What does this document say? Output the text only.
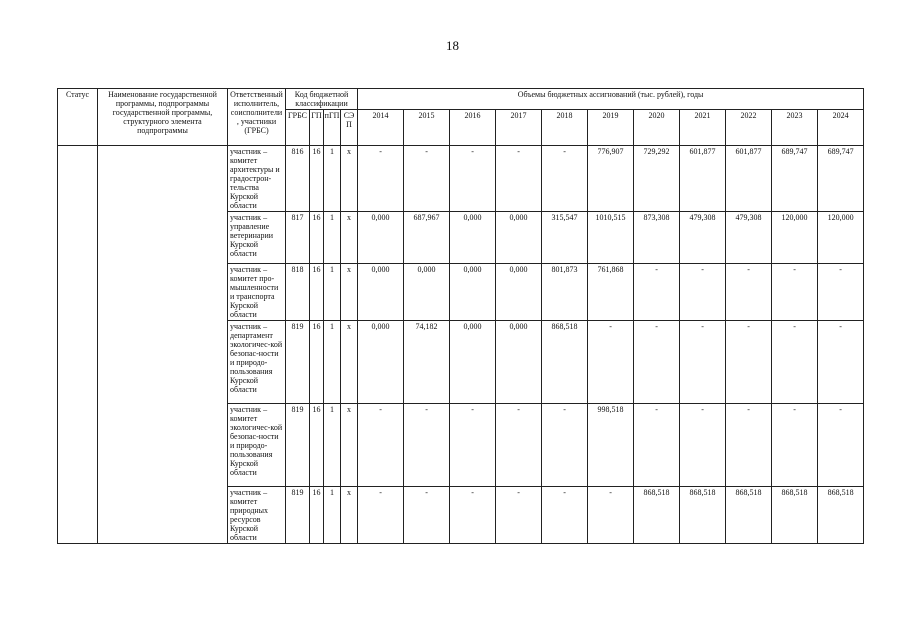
18
Статус	Наименование государственной программы, подпрограммы государственной программы, структурного элемента подпрограммы	Ответственный исполнитель, соисполнители, участники (ГРБС)	Код бюджетной классификации				Объемы бюджетных ассигнований (тыс. рублей), годы										
			ГРБС	ГП	пГП	СЭП	2014	2015	2016	2017	2018	2019	2020	2021	2022	2023	2024
		участник – комитет архитектуры и градострон-тельства Курской области	816	16	1	х	-	-	-	-	-	776,907	729,292	601,877	601,877	689,747	689,747
		участник – управление ветеринарии Курской области	817	16	1	х	0,000	687,967	0,000	0,000	315,547	1010,515	873,308	479,308	479,308	120,000	120,000
		участник – комитет про-мышленности и транспорта Курской области	818	16	1	х	0,000	0,000	0,000	0,000	801,873	761,868	-	-	-	-	-
		участник – департамент экологичес-кой безопас-ности и природо-пользования Курской области	819	16	1	х	0,000	74,182	0,000	0,000	868,518	-	-	-	-	-	-
		участник – комитет экологичес-кой безопас-ности и природо-пользования Курской области	819	16	1	х	-	-	-	-	-	998,518	-	-	-	-	-
		участник – комитет природных ресурсов Курской области	819	16	1	х	-	-	-	-	-	-	868,518	868,518	868,518	868,518	868,518
